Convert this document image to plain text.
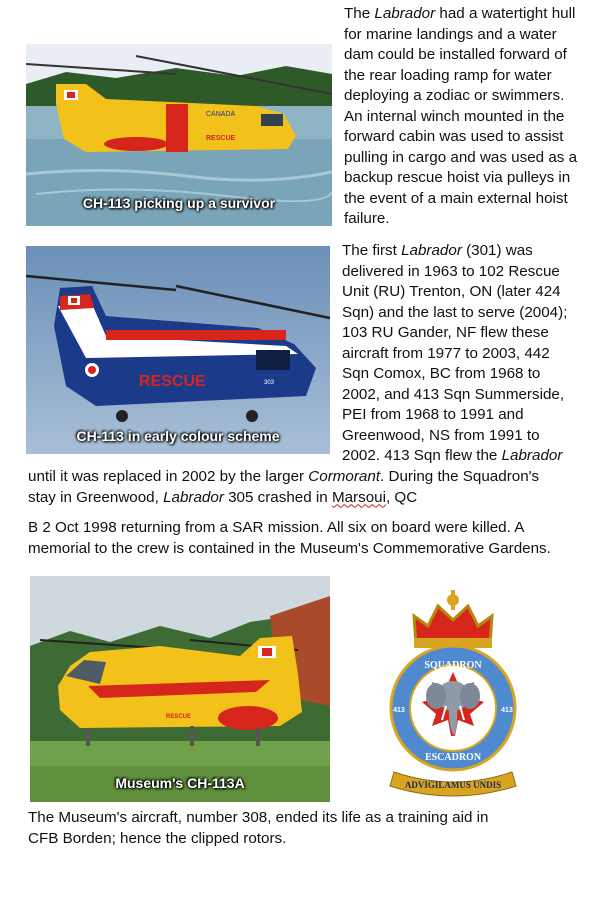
CANADA
RESCUE
CH-113 picking up a survivor

The Labrador had a watertight hull for marine landings and a water dam could be installed forward of the rear loading ramp for water deploying a zodiac or swimmers. An internal winch mounted in the forward cabin was used to assist pulling in cargo and was used as a backup rescue hoist via pulleys in the event of a main external hoist failure.

RESCUE	303
CH-113 in early colour scheme

The first Labrador (301) was delivered in 1963 to 102 Rescue Unit (RU) Trenton, ON (later 424 Sqn) and the last to serve (2004); 103 RU Gander, NF flew these aircraft from 1977 to 2003, 442 Sqn Comox, BC from 1968 to 2002, and 413 Sqn Summerside, PEI from 1968 to 1991 and Greenwood, NS from 1991 to 2002. 413 Sqn flew the Labrador

until it was replaced in 2002 by the larger Cormorant. During the Squadron's stay in Greenwood, Labrador 305 crashed in Marsoui, QC

B 2 Oct 1998 returning from a SAR mission. All six on board were killed. A memorial to the crew is contained in the Museum's Commemorative Gardens.

RESCUE
Museum's CH-113A
SQUADRON
ESCADRON
413	413
ADVIGILAMUS UNDIS

The Museum's aircraft, number 308, ended its life as a training aid in CFB Borden; hence the clipped rotors.
